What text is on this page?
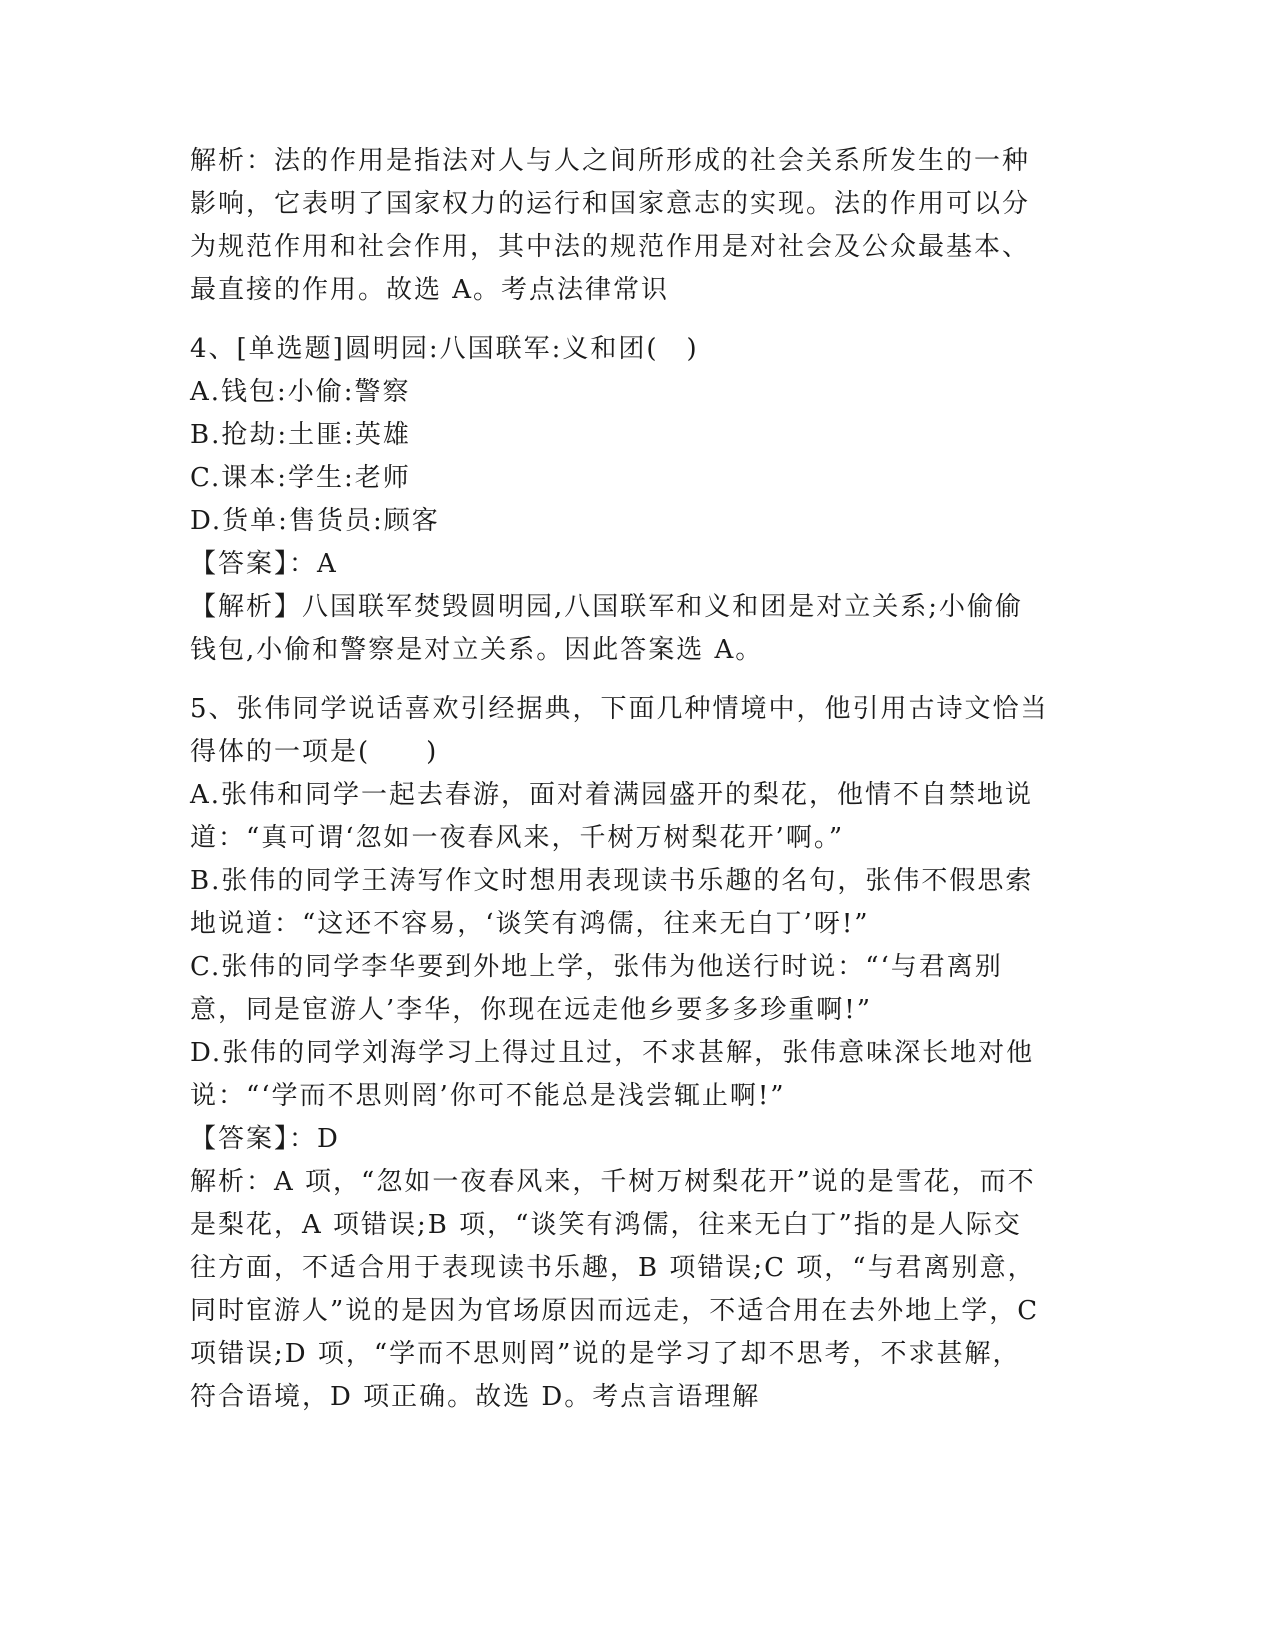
解析：法的作用是指法对人与人之间所形成的社会关系所发生的一种
影响，它表明了国家权力的运行和国家意志的实现。法的作用可以分
为规范作用和社会作用，其中法的规范作用是对社会及公众最基本、
最直接的作用。故选 A。考点法律常识
4、[单选题]圆明园:八国联军:义和团(　)
A.钱包:小偷:警察
B.抢劫:土匪:英雄
C.课本:学生:老师
D.货单:售货员:顾客
【答案】：A
【解析】八国联军焚毁圆明园,八国联军和义和团是对立关系;小偷偷
钱包,小偷和警察是对立关系。因此答案选 A。
5、张伟同学说话喜欢引经据典，下面几种情境中，他引用古诗文恰当
得体的一项是(　　)
A.张伟和同学一起去春游，面对着满园盛开的梨花，他情不自禁地说
道：“真可谓‘忽如一夜春风来，千树万树梨花开’啊。”
B.张伟的同学王涛写作文时想用表现读书乐趣的名句，张伟不假思索
地说道：“这还不容易，‘谈笑有鸿儒，往来无白丁’呀!”
C.张伟的同学李华要到外地上学，张伟为他送行时说：“‘与君离别
意，同是宦游人’李华，你现在远走他乡要多多珍重啊!”
D.张伟的同学刘海学习上得过且过，不求甚解，张伟意味深长地对他
说：“‘学而不思则罔’你可不能总是浅尝辄止啊!”
【答案】：D
解析：A 项，“忽如一夜春风来，千树万树梨花开”说的是雪花，而不
是梨花，A 项错误;B 项，“谈笑有鸿儒，往来无白丁”指的是人际交
往方面，不适合用于表现读书乐趣，B 项错误;C 项，“与君离别意，
同时宦游人”说的是因为官场原因而远走，不适合用在去外地上学，C
项错误;D 项，“学而不思则罔”说的是学习了却不思考，不求甚解，
符合语境，D 项正确。故选 D。考点言语理解
